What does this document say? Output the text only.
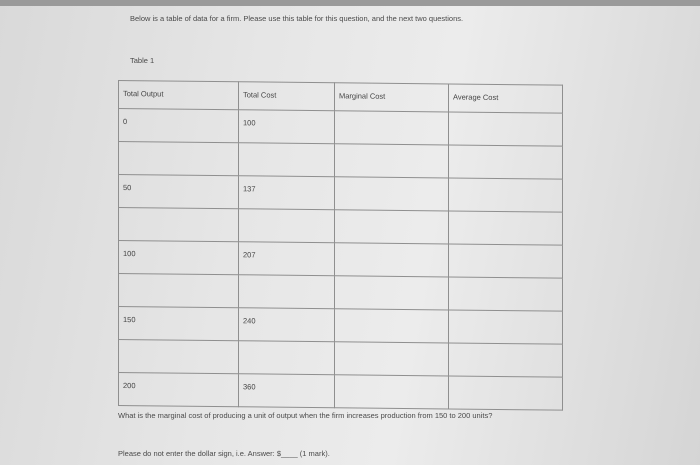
Below is a table of data for a firm. Please use this table for this question, and the next two questions.
Table 1
Total Output	Total Cost	Marginal Cost	Average Cost

0	100		

50	137		

100	207		

150	240		

200	360		

What is the marginal cost of producing a unit of output when the firm increases production from 150 to 200 units?
Please do not enter the dollar sign, i.e. Answer: $____ (1 mark).
